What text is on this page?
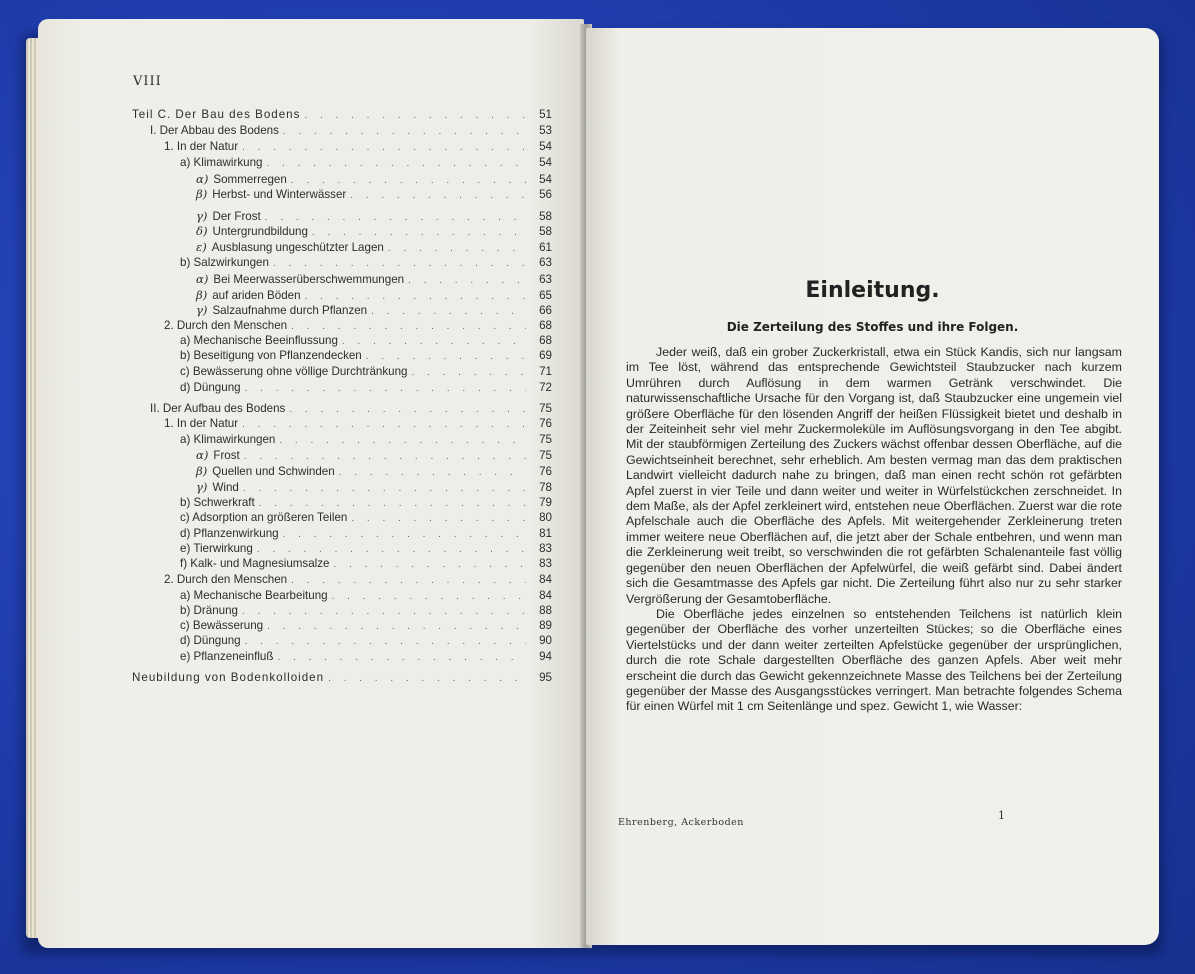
VIII
Teil C. Der Bau des Bodens . . .	51
I. Der Abbau des Bodens . . .	53
1. In der Natur . . .	54
a) Klimawirkung . . .	54
α) Sommerregen . . .	54
β) Herbst- und Winterwässer . . .	56
γ) Der Frost . . .	58
δ) Untergrundbildung . . .	58
ε) Ausblasung ungeschützter Lagen . . .	61
b) Salzwirkungen . . .	63
α) Bei Meerwasserüberschwemmungen . . .	63
β) auf ariden Böden . . .	65
γ) Salzaufnahme durch Pflanzen . . .	66
2. Durch den Menschen . . .	68
a) Mechanische Beeinflussung . . .	68
b) Beseitigung von Pflanzendecken . . .	69
c) Bewässerung ohne völlige Durchtränkung . . .	71
d) Düngung . . .	72
II. Der Aufbau des Bodens . . .	75
1. In der Natur . . .	76
a) Klimawirkungen . . .	75
α) Frost . . .	75
β) Quellen und Schwinden . . .	76
γ) Wind . . .	78
b) Schwerkraft . . .	79
c) Adsorption an größeren Teilen . . .	80
d) Pflanzenwirkung . . .	81
e) Tierwirkung . . .	83
f) Kalk- und Magnesiumsalze . . .	83
2. Durch den Menschen . . .	84
a) Mechanische Bearbeitung . . .	84
b) Dränung . . .	88
c) Bewässerung . . .	89
d) Düngung . . .	90
e) Pflanzeneinfluß . . .	94
Neubildung von Bodenkolloiden . . .	95
Einleitung.
Die Zerteilung des Stoffes und ihre Folgen.

Jeder weiß, daß ein grober Zuckerkristall, etwa ein Stück Kandis, sich nur langsam im Tee löst, während das entsprechende Gewichtsteil Staubzucker nach kurzem Umrühren durch Auflösung in dem warmen Getränk verschwindet. Die naturwissenschaftliche Ursache für den Vorgang ist, daß Staubzucker eine ungemein viel größere Oberfläche für den lösenden Angriff der heißen Flüssigkeit bietet und deshalb in der Zeiteinheit sehr viel mehr Zuckermoleküle im Auflösungsvorgang in den Tee abgibt. Mit der staubförmigen Zerteilung des Zuckers wächst offenbar dessen Oberfläche, auf die Gewichtseinheit berechnet, sehr erheblich. Am besten vermag man das dem praktischen Landwirt vielleicht dadurch nahe zu bringen, daß man einen recht schön rot gefärbten Apfel zuerst in vier Teile und dann weiter und weiter in Würfelstückchen zerschneidet. In dem Maße, als der Apfel zerkleinert wird, entstehen neue Oberflächen. Zuerst war die rote Apfelschale auch die Oberfläche des Apfels. Mit weitergehender Zerkleinerung treten immer weitere neue Oberflächen auf, die jetzt aber der Schale entbehren, und wenn man die Zerkleinerung weit treibt, so verschwinden die rot gefärbten Schalenanteile fast völlig gegenüber den neuen Oberflächen der Apfelwürfel, die weiß gefärbt sind. Dabei ändert sich die Gesamtmasse des Apfels gar nicht. Die Zerteilung führt also nur zu sehr starker Vergrößerung der Gesamtoberfläche.

Die Oberfläche jedes einzelnen so entstehenden Teilchens ist natürlich klein gegenüber der Oberfläche des vorher unzerteilten Stückes; so die Oberfläche eines Viertelstücks und der dann weiter zerteilten Apfelstücke gegenüber der ursprünglichen, durch die rote Schale dargestellten Oberfläche des ganzen Apfels. Aber weit mehr erscheint die durch das Gewicht gekennzeichnete Masse des Teilchens bei der Zerteilung gegenüber der Masse des Ausgangsstückes verringert. Man betrachte folgendes Schema für einen Würfel mit 1 cm Seitenlänge und spez. Gewicht 1, wie Wasser:

Ehrenberg, Ackerboden
1
